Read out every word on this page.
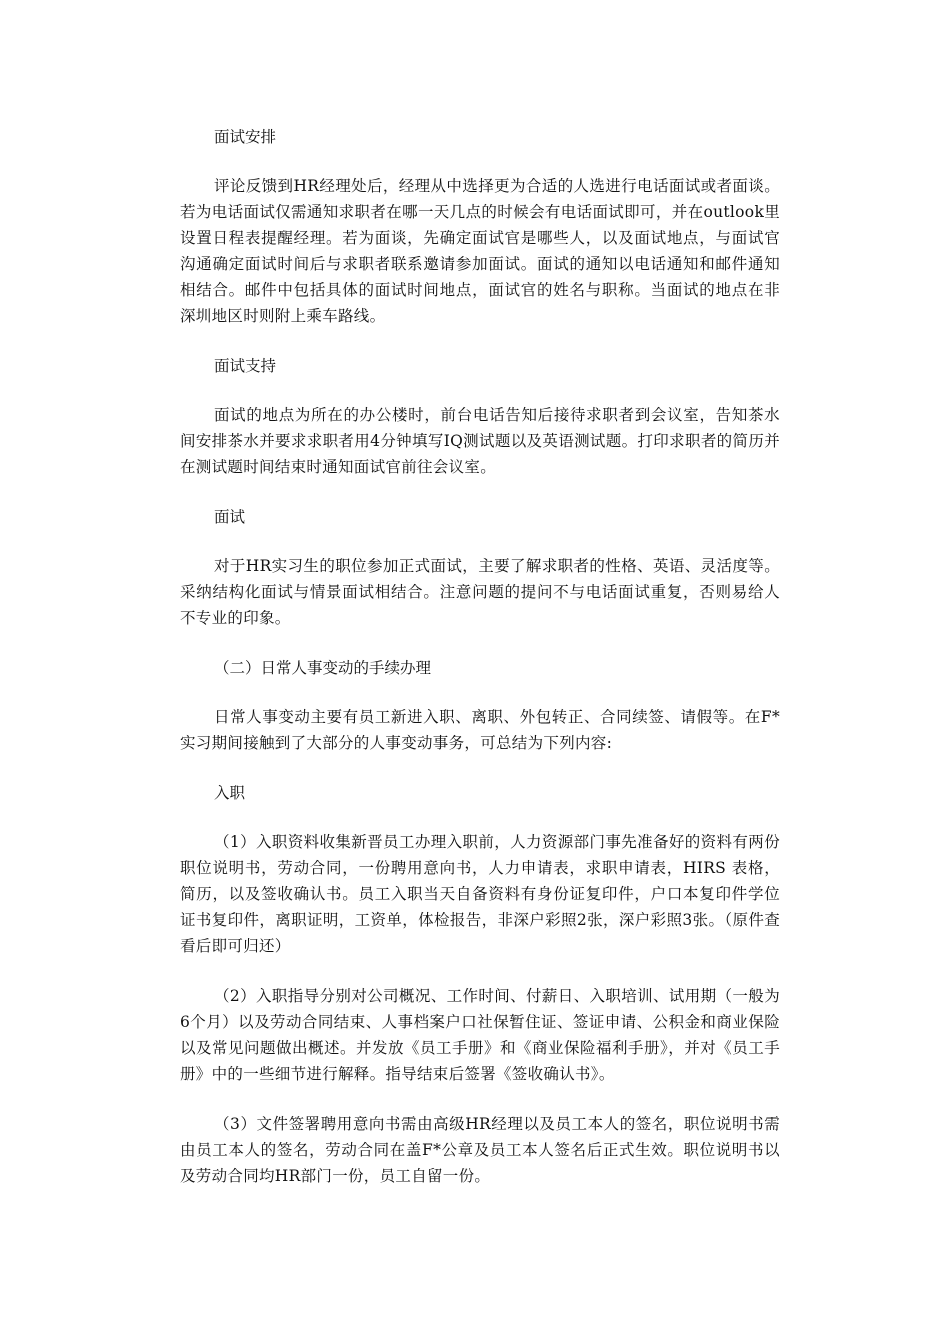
面试安排

评论反馈到HR经理处后，经理从中选择更为合适的人选进行电话面试或者面谈。若为电话面试仅需通知求职者在哪一天几点的时候会有电话面试即可，并在outlook里设置日程表提醒经理。若为面谈，先确定面试官是哪些人，以及面试地点，与面试官沟通确定面试时间后与求职者联系邀请参加面试。面试的通知以电话通知和邮件通知相结合。邮件中包括具体的面试时间地点，面试官的姓名与职称。当面试的地点在非深圳地区时则附上乘车路线。

面试支持

面试的地点为所在的办公楼时，前台电话告知后接待求职者到会议室，告知茶水间安排茶水并要求求职者用4分钟填写IQ测试题以及英语测试题。打印求职者的简历并在测试题时间结束时通知面试官前往会议室。

面试

对于HR实习生的职位参加正式面试，主要了解求职者的性格、英语、灵活度等。采纳结构化面试与情景面试相结合。注意问题的提问不与电话面试重复，否则易给人不专业的印象。

（二）日常人事变动的手续办理

日常人事变动主要有员工新进入职、离职、外包转正、合同续签、请假等。在F*实习期间接触到了大部分的人事变动事务，可总结为下列内容:

入职

（1）入职资料收集新晋员工办理入职前，人力资源部门事先准备好的资料有两份职位说明书，劳动合同，一份聘用意向书，人力申请表，求职申请表，HIRS 表格，简历，以及签收确认书。员工入职当天自备资料有身份证复印件，户口本复印件学位证书复印件，离职证明，工资单，体检报告，非深户彩照2张，深户彩照3张。（原件查看后即可归还）

（2）入职指导分别对公司概况、工作时间、付薪日、入职培训、试用期（一般为6个月）以及劳动合同结束、人事档案户口社保暂住证、签证申请、公积金和商业保险以及常见问题做出概述。并发放《员工手册》和《商业保险福利手册》，并对《员工手册》中的一些细节进行解释。指导结束后签署《签收确认书》。

（3）文件签署聘用意向书需由高级HR经理以及员工本人的签名，职位说明书需由员工本人的签名，劳动合同在盖F*公章及员工本人签名后正式生效。职位说明书以及劳动合同均HR部门一份，员工自留一份。
